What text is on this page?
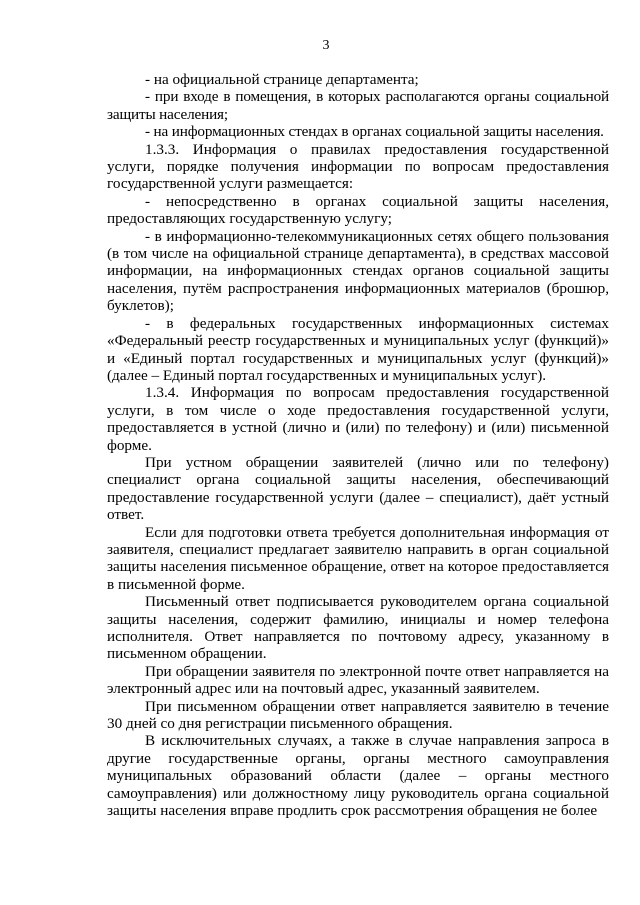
3

- на официальной странице департамента;

- при входе в помещения, в которых располагаются органы социальной защиты населения;

- на информационных стендах в органах социальной защиты населения.

1.3.3. Информация о правилах предоставления государственной услуги, порядке получения информации по вопросам предоставления государственной услуги размещается:

- непосредственно в органах социальной защиты населения, предоставляющих государственную услугу;

- в информационно-телекоммуникационных сетях общего пользования (в том числе на официальной странице департамента), в средствах массовой информации, на информационных стендах органов социальной защиты населения, путём распространения информационных материалов (брошюр, буклетов);

- в федеральных государственных информационных системах «Федеральный реестр государственных и муниципальных услуг (функций)» и «Единый портал государственных и муниципальных услуг (функций)» (далее – Единый портал государственных и муниципальных услуг).

1.3.4. Информация по вопросам предоставления государственной услуги, в том числе о ходе предоставления государственной услуги, предоставляется в устной (лично и (или) по телефону) и (или) письменной форме.

При устном обращении заявителей (лично или по телефону) специалист органа социальной защиты населения, обеспечивающий предоставление государственной услуги (далее – специалист), даёт устный ответ.

Если для подготовки ответа требуется дополнительная информация от заявителя, специалист предлагает заявителю направить в орган социальной защиты населения письменное обращение, ответ на которое предоставляется в письменной форме.

Письменный ответ подписывается руководителем органа социальной защиты населения, содержит фамилию, инициалы и номер телефона исполнителя. Ответ направляется по почтовому адресу, указанному в письменном обращении.

При обращении заявителя по электронной почте ответ направляется на электронный адрес или на почтовый адрес, указанный заявителем.

При письменном обращении ответ направляется заявителю в течение 30 дней со дня регистрации письменного обращения.

В исключительных случаях, а также в случае направления запроса в другие государственные органы, органы местного самоуправления муниципальных образований области (далее – органы местного самоуправления) или должностному лицу руководитель органа социальной защиты населения вправе продлить срок рассмотрения обращения не более
